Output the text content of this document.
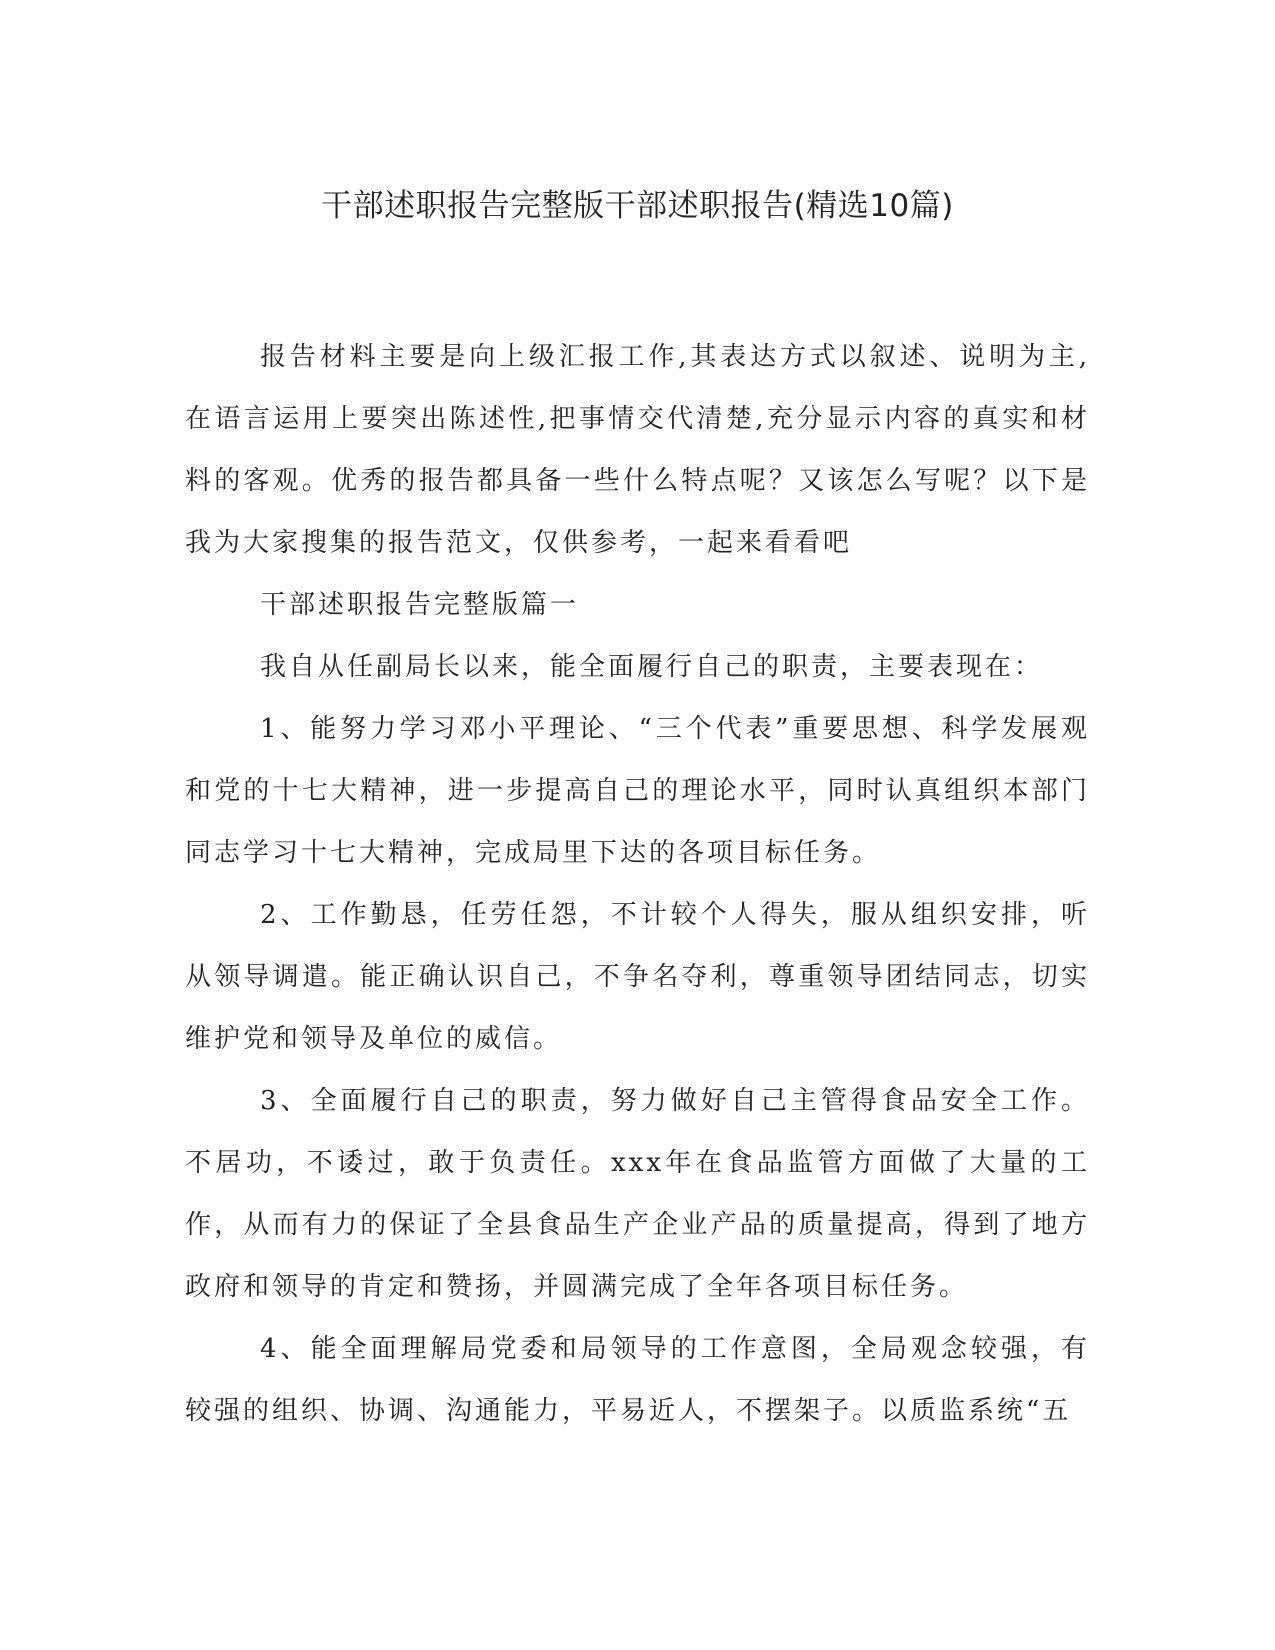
干部述职报告完整版干部述职报告(精选10篇)

报告材料主要是向上级汇报工作,其表达方式以叙述、说明为主,在语言运用上要突出陈述性,把事情交代清楚,充分显示内容的真实和材料的客观。优秀的报告都具备一些什么特点呢？又该怎么写呢？以下是我为大家搜集的报告范文，仅供参考，一起来看看吧

干部述职报告完整版篇一

我自从任副局长以来，能全面履行自己的职责，主要表现在：

1、能努力学习邓小平理论、“三个代表”重要思想、科学发展观和党的十七大精神，进一步提高自己的理论水平，同时认真组织本部门同志学习十七大精神，完成局里下达的各项目标任务。

2、工作勤恳，任劳任怨，不计较个人得失，服从组织安排，听从领导调遣。能正确认识自己，不争名夺利，尊重领导团结同志，切实维护党和领导及单位的威信。

3、全面履行自己的职责，努力做好自己主管得食品安全工作。不居功，不诿过，敢于负责任。xxx年在食品监管方面做了大量的工作，从而有力的保证了全县食品生产企业产品的质量提高，得到了地方政府和领导的肯定和赞扬，并圆满完成了全年各项目标任务。

4、能全面理解局党委和局领导的工作意图，全局观念较强，有较强的组织、协调、沟通能力，平易近人，不摆架子。以质监系统“五
